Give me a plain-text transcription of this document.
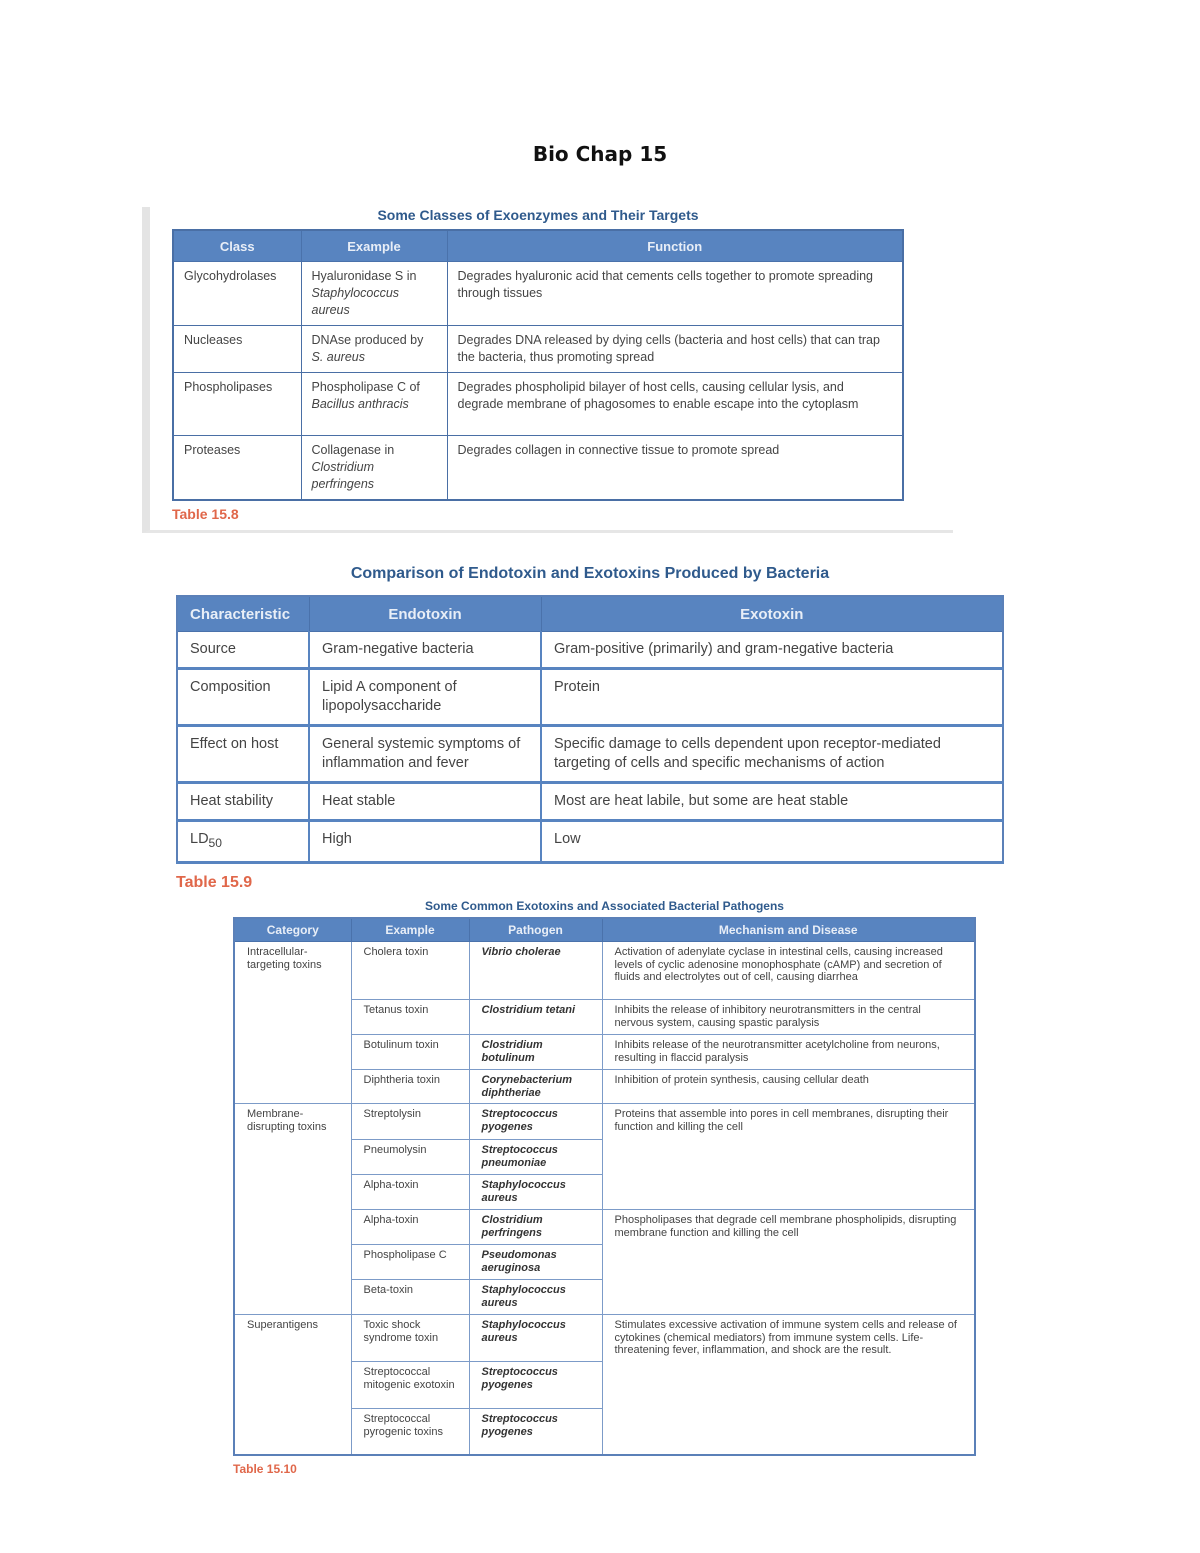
Bio Chap 15
Some Classes of Exoenzymes and Their Targets
Class	Example	Function
Glycohydrolases	Hyaluronidase S in Staphylococcus aureus	Degrades hyaluronic acid that cements cells together to promote spreading through tissues
Nucleases	DNAse produced by S. aureus	Degrades DNA released by dying cells (bacteria and host cells) that can trap the bacteria, thus promoting spread
Phospholipases	Phospholipase C of Bacillus anthracis	Degrades phospholipid bilayer of host cells, causing cellular lysis, and degrade membrane of phagosomes to enable escape into the cytoplasm
Proteases	Collagenase in Clostridium perfringens	Degrades collagen in connective tissue to promote spread
Table 15.8
Comparison of Endotoxin and Exotoxins Produced by Bacteria
Characteristic	Endotoxin	Exotoxin
Source	Gram-negative bacteria	Gram-positive (primarily) and gram-negative bacteria
Composition	Lipid A component of lipopolysaccharide	Protein
Effect on host	General systemic symptoms of inflammation and fever	Specific damage to cells dependent upon receptor-mediated targeting of cells and specific mechanisms of action
Heat stability	Heat stable	Most are heat labile, but some are heat stable
$LD_{50}$	High	Low
Table 15.9
Some Common Exotoxins and Associated Bacterial Pathogens
Category	Example	Pathogen	Mechanism and Disease
Intracellular-targeting toxins	Cholera toxin	Vibrio cholerae	Activation of adenylate cyclase in intestinal cells, causing increased levels of cyclic adenosine monophosphate (cAMP) and secretion of fluids and electrolytes out of cell, causing diarrhea
	Tetanus toxin	Clostridium tetani	Inhibits the release of inhibitory neurotransmitters in the central nervous system, causing spastic paralysis
	Botulinum toxin	Clostridium botulinum	Inhibits release of the neurotransmitter acetylcholine from neurons, resulting in flaccid paralysis
	Diphtheria toxin	Corynebacterium diphtheriae	Inhibition of protein synthesis, causing cellular death
Membrane-disrupting toxins	Streptolysin	Streptococcus pyogenes	Proteins that assemble into pores in cell membranes, disrupting their function and killing the cell
	Pneumolysin	Streptococcus pneumoniae	
	Alpha-toxin	Staphylococcus aureus	
	Alpha-toxin	Clostridium perfringens	Phospholipases that degrade cell membrane phospholipids, disrupting membrane function and killing the cell
	Phospholipase C	Pseudomonas aeruginosa	
	Beta-toxin	Staphylococcus aureus	
Superantigens	Toxic shock syndrome toxin	Staphylococcus aureus	Stimulates excessive activation of immune system cells and release of cytokines (chemical mediators) from immune system cells. Life-threatening fever, inflammation, and shock are the result.
	Streptococcal mitogenic exotoxin	Streptococcus pyogenes	
	Streptococcal pyrogenic toxins	Streptococcus pyogenes	
Table 15.10
